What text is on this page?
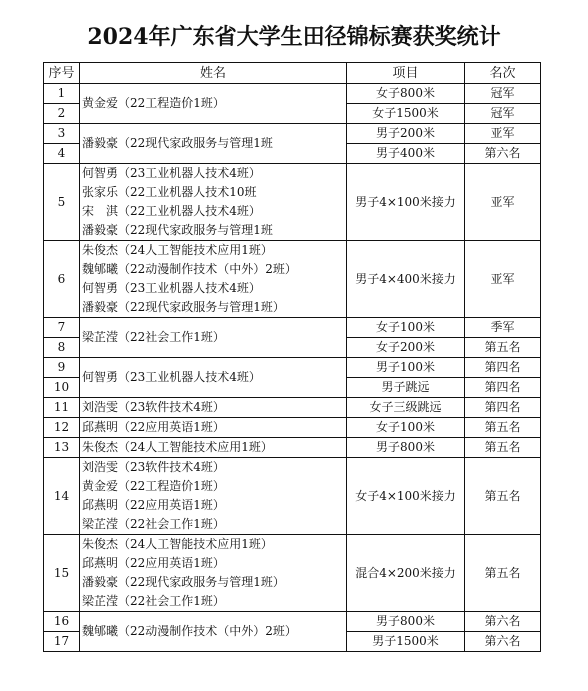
2024年广东省大学生田径锦标赛获奖统计
序号	姓名	项目	名次
1	黄金爱（22工程造价1班）	女子800米	冠军
2		女子1500米	冠军
3	潘毅豪（22现代家政服务与管理1班	男子200米	亚军
4		男子400米	第六名
5	何智勇（23工业机器人技术4班）
张家乐（22工业机器人技术10班
宋　淇（22工业机器人技术4班）
潘毅豪（22现代家政服务与管理1班	男子4×100米接力	亚军
6	朱俊杰（24人工智能技术应用1班）
魏郇曦（22动漫制作技术（中外）2班）
何智勇（23工业机器人技术4班）
潘毅豪（22现代家政服务与管理1班）	男子4×400米接力	亚军
7	梁芷滢（22社会工作1班）	女子100米	季军
8		女子200米	第五名
9	何智勇（23工业机器人技术4班）	男子100米	第四名
10		男子跳远	第四名
11	刘浩雯（23软件技术4班）	女子三级跳远	第四名
12	邱燕明（22应用英语1班）	女子100米	第五名
13	朱俊杰（24人工智能技术应用1班）	男子800米	第五名
14	刘浩雯（23软件技术4班）
黄金爱（22工程造价1班）
邱燕明（22应用英语1班）
梁芷滢（22社会工作1班）	女子4×100米接力	第五名
15	朱俊杰（24人工智能技术应用1班）
邱燕明（22应用英语1班）
潘毅豪（22现代家政服务与管理1班）
梁芷滢（22社会工作1班）	混合4×200米接力	第五名
16	魏郇曦（22动漫制作技术（中外）2班）	男子800米	第六名
17		男子1500米	第六名
